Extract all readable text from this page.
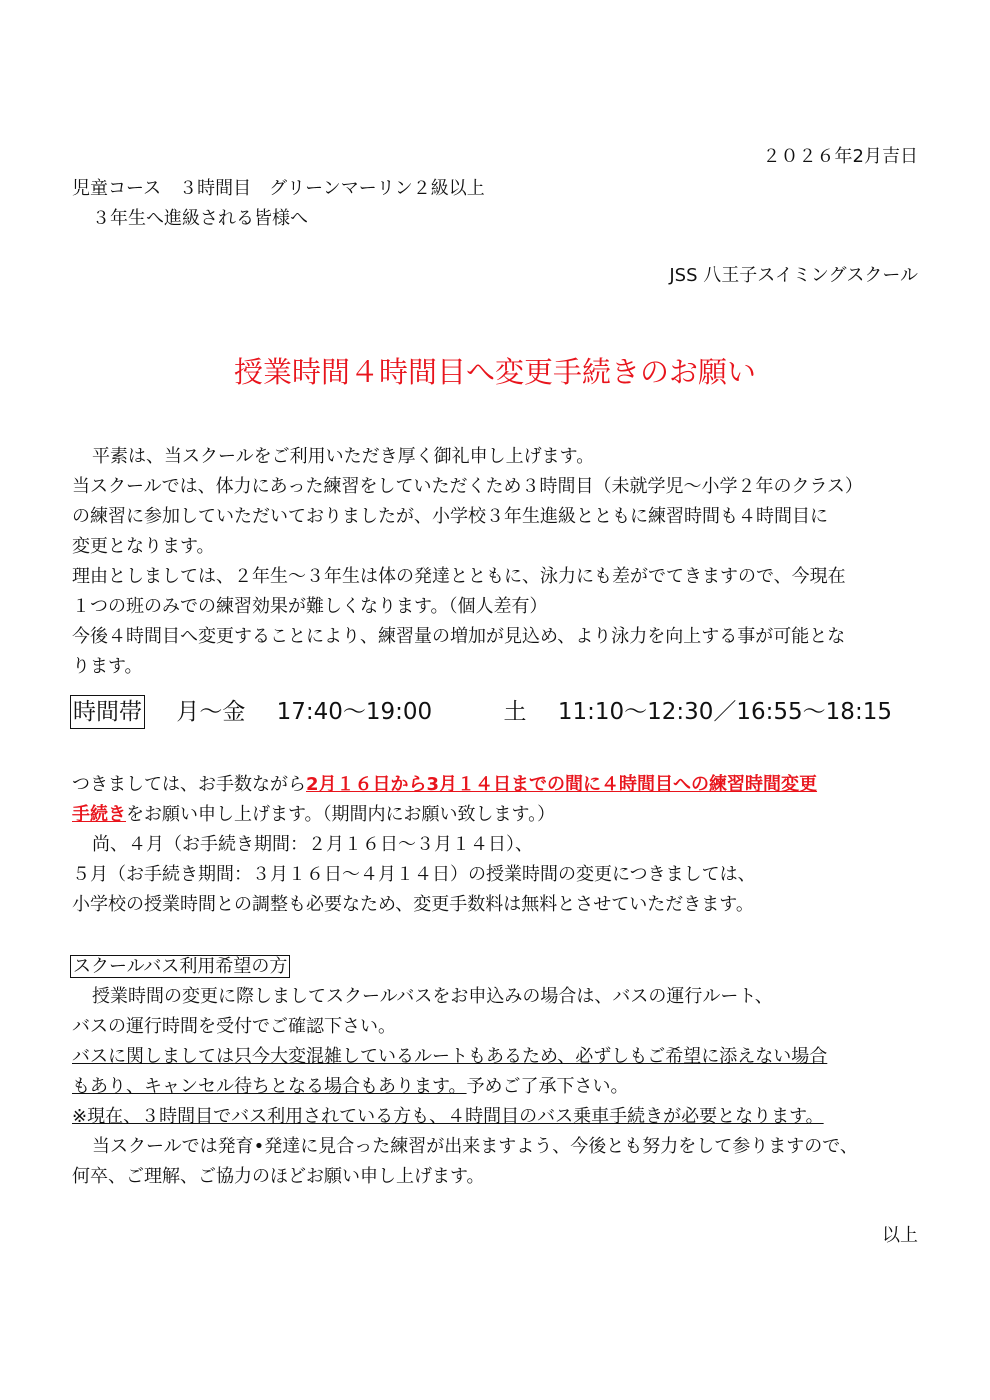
２０２６年2月吉日
児童コース　３時間目　グリーンマーリン２級以上
３年生へ進級される皆様へ
JSS 八王子スイミングスクール
授業時間４時間目へ変更手続きのお願い
平素は、当スクールをご利用いただき厚く御礼申し上げます。
当スクールでは、体力にあった練習をしていただくため３時間目（未就学児～小学２年のクラス）
の練習に参加していただいておりましたが、小学校３年生進級とともに練習時間も４時間目に
変更となります。
理由としましては、２年生～３年生は体の発達とともに、泳力にも差がでてきますので、今現在
１つの班のみでの練習効果が難しくなります。（個人差有）
今後４時間目へ変更することにより、練習量の増加が見込め、より泳力を向上する事が可能とな
ります。
時間帯 月～金 17:40～19:00	土 11:10～12:30／16:55～18:15
つきましては、お手数ながら2月１６日から3月１４日までの間に４時間目への練習時間変更
手続きをお願い申し上げます。（期間内にお願い致します。）
尚、４月（お手続き期間：２月１６日～３月１４日）、
５月（お手続き期間：３月１６日～４月１４日）の授業時間の変更につきましては、
小学校の授業時間との調整も必要なため、変更手数料は無料とさせていただきます。
スクールバス利用希望の方
授業時間の変更に際しましてスクールバスをお申込みの場合は、バスの運行ルート、
バスの運行時間を受付でご確認下さい。
バスに関しましては只今大変混雑しているルートもあるため、必ずしもご希望に添えない場合
もあり、キャンセル待ちとなる場合もあります。予めご了承下さい。
※現在、３時間目でバス利用されている方も、４時間目のバス乗車手続きが必要となります。
当スクールでは発育•発達に見合った練習が出来ますよう、今後とも努力をして参りますので、
何卒、ご理解、ご協力のほどお願い申し上げます。
以上
